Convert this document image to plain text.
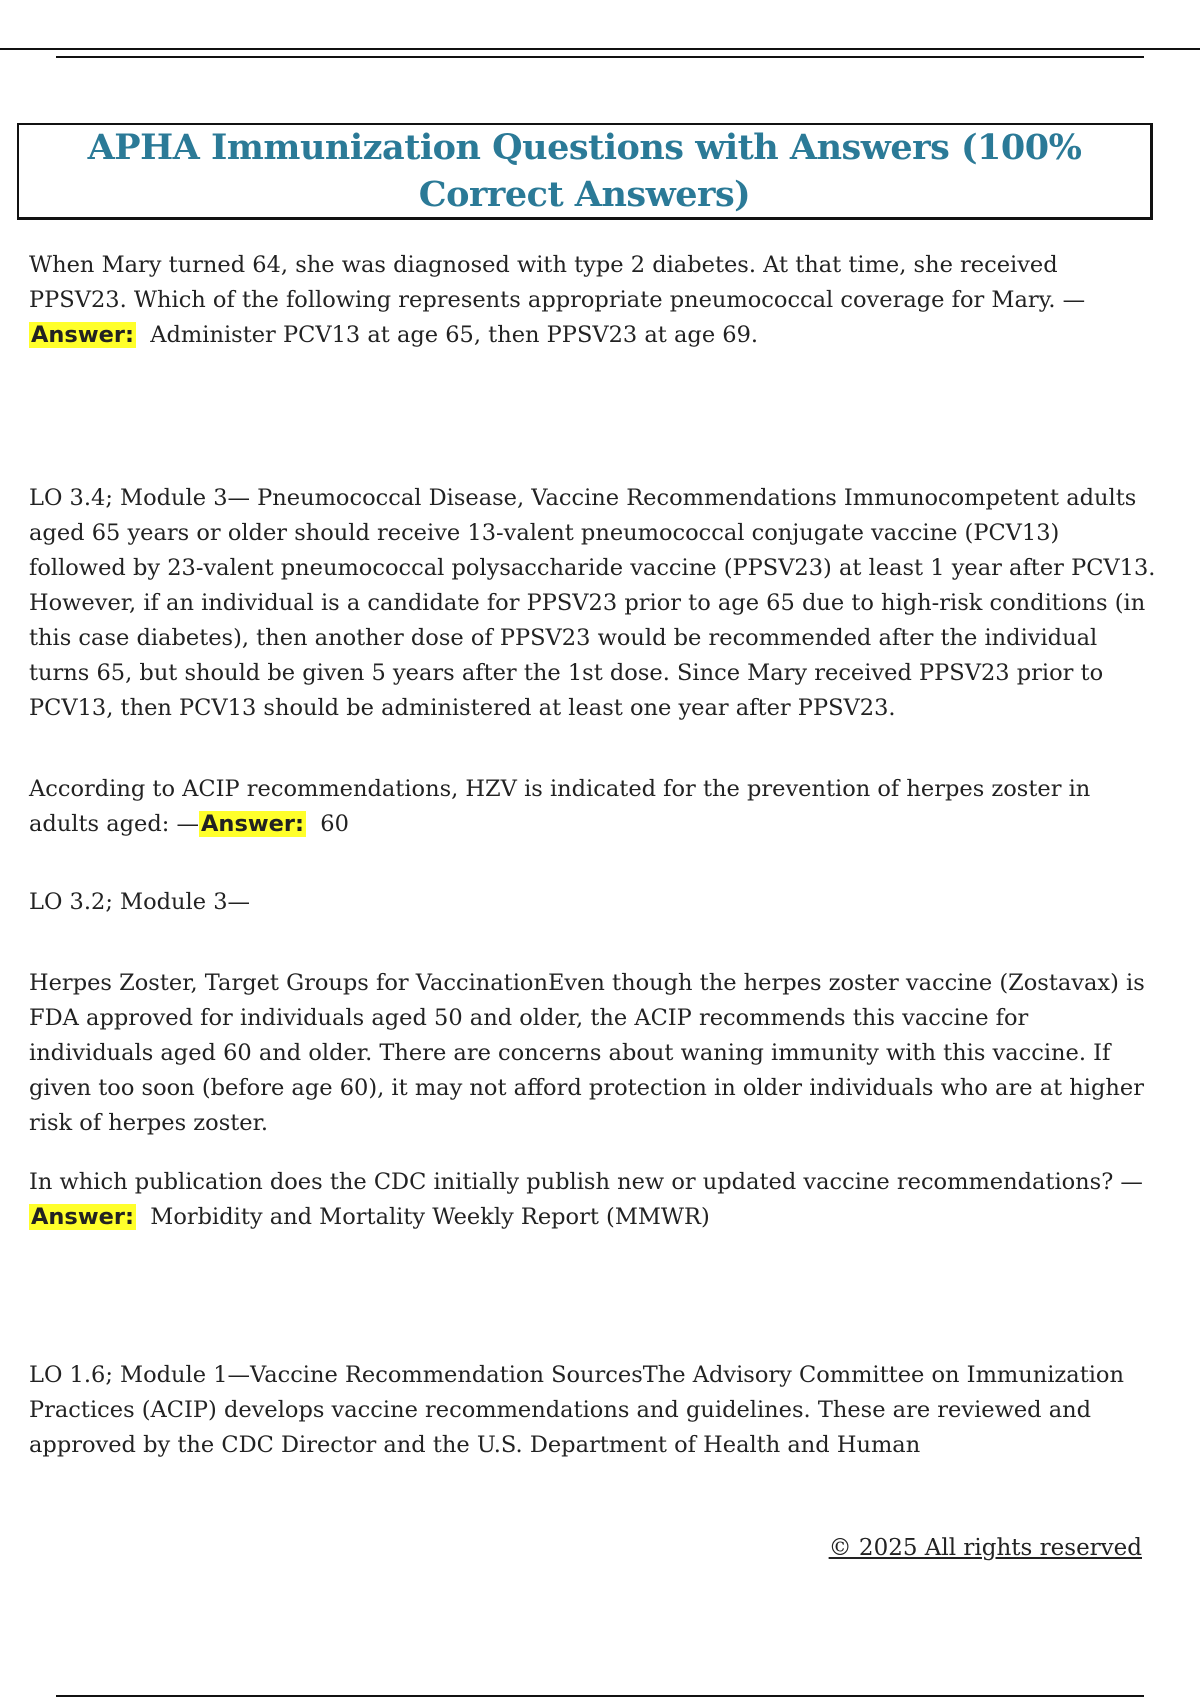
APHA Immunization Questions with Answers (100% Correct Answers)

When Mary turned 64, she was diagnosed with type 2 diabetes. At that time, she received PPSV23. Which of the following represents appropriate pneumococcal coverage for Mary. —
Answer: Administer PCV13 at age 65, then PPSV23 at age 69.

LO 3.4; Module 3— Pneumococcal Disease, Vaccine Recommendations Immunocompetent adults aged 65 years or older should receive 13-valent pneumococcal conjugate vaccine (PCV13) followed by 23-valent pneumococcal polysaccharide vaccine (PPSV23) at least 1 year after PCV13. However, if an individual is a candidate for PPSV23 prior to age 65 due to high-risk conditions (in this case diabetes), then another dose of PPSV23 would be recommended after the individual turns 65, but should be given 5 years after the 1st dose. Since Mary received PPSV23 prior to PCV13, then PCV13 should be administered at least one year after PPSV23.

According to ACIP recommendations, HZV is indicated for the prevention of herpes zoster in adults aged: —Answer: 60

LO 3.2; Module 3—

Herpes Zoster, Target Groups for VaccinationEven though the herpes zoster vaccine (Zostavax) is FDA approved for individuals aged 50 and older, the ACIP recommends this vaccine for individuals aged 60 and older. There are concerns about waning immunity with this vaccine. If given too soon (before age 60), it may not afford protection in older individuals who are at higher risk of herpes zoster.

In which publication does the CDC initially publish new or updated vaccine recommendations? —Answer: Morbidity and Mortality Weekly Report (MMWR)

LO 1.6; Module 1—Vaccine Recommendation SourcesThe Advisory Committee on Immunization Practices (ACIP) develops vaccine recommendations and guidelines. These are reviewed and approved by the CDC Director and the U.S. Department of Health and Human

© 2025 All rights reserved
